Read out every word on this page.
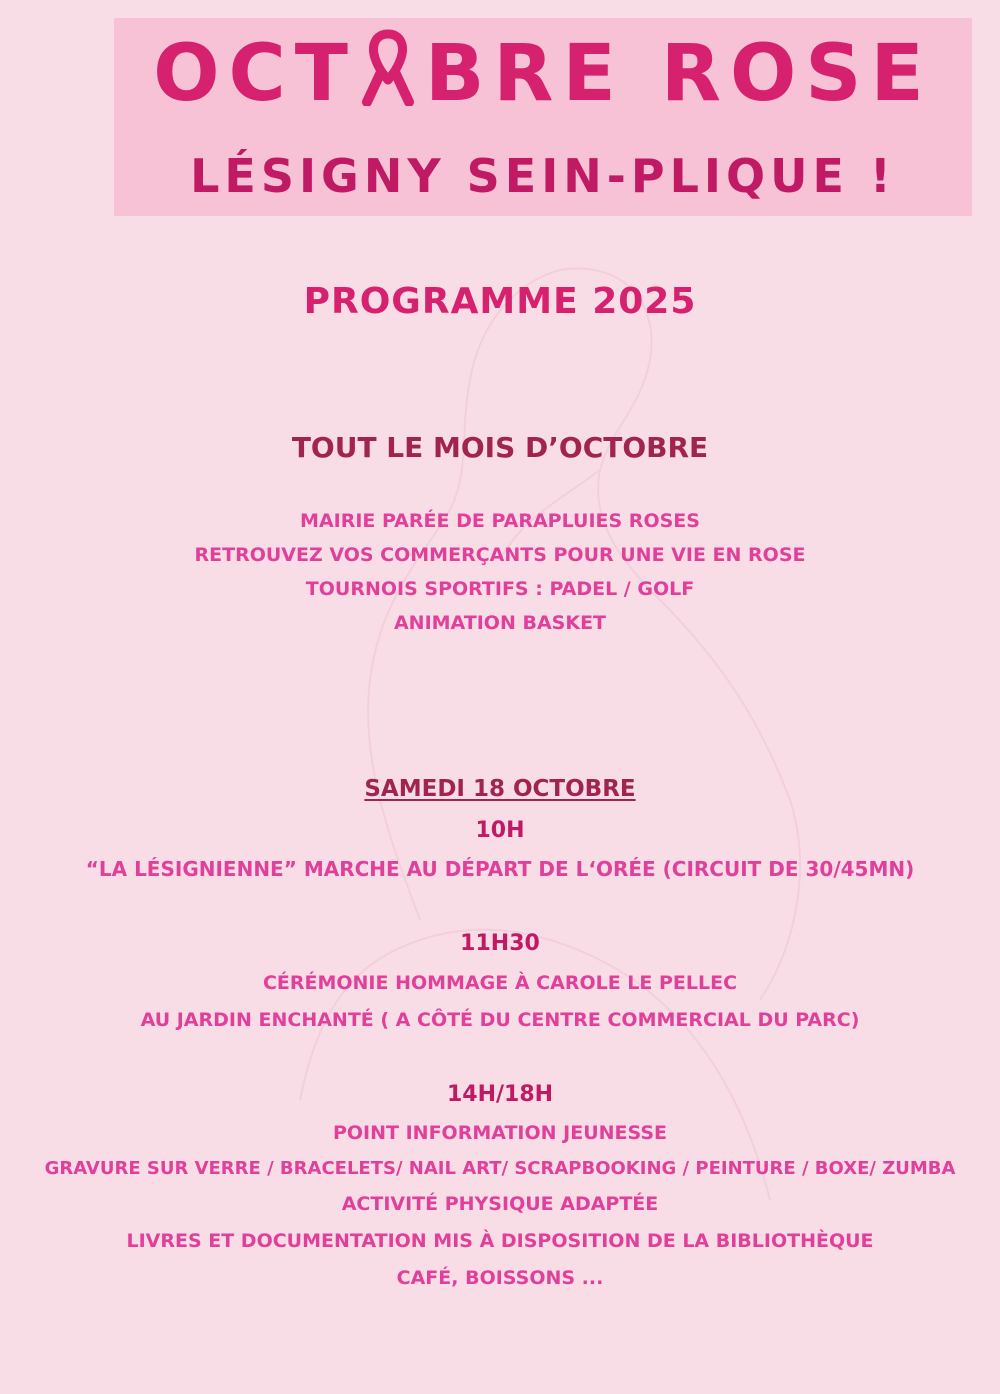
OCT BRE ROSE
LÉSIGNY SEIN-PLIQUE !
PROGRAMME 2025
TOUT LE MOIS D’OCTOBRE
MAIRIE PARÉE DE PARAPLUIES ROSES
RETROUVEZ VOS COMMERÇANTS POUR UNE VIE EN ROSE
TOURNOIS SPORTIFS : PADEL / GOLF
ANIMATION BASKET
SAMEDI 18 OCTOBRE
10H
“LA LÉSIGNIENNE” MARCHE AU DÉPART DE L‘ORÉE (CIRCUIT DE 30/45MN)
11H30
CÉRÉMONIE HOMMAGE À CAROLE LE PELLEC
AU JARDIN ENCHANTÉ ( A CÔTÉ DU CENTRE COMMERCIAL DU PARC)
14H/18H
POINT INFORMATION JEUNESSE
GRAVURE SUR VERRE / BRACELETS/ NAIL ART/ SCRAPBOOKING / PEINTURE / BOXE/ ZUMBA
ACTIVITÉ PHYSIQUE ADAPTÉE
LIVRES ET DOCUMENTATION MIS À DISPOSITION DE LA BIBLIOTHÈQUE
CAFÉ, BOISSONS ...
